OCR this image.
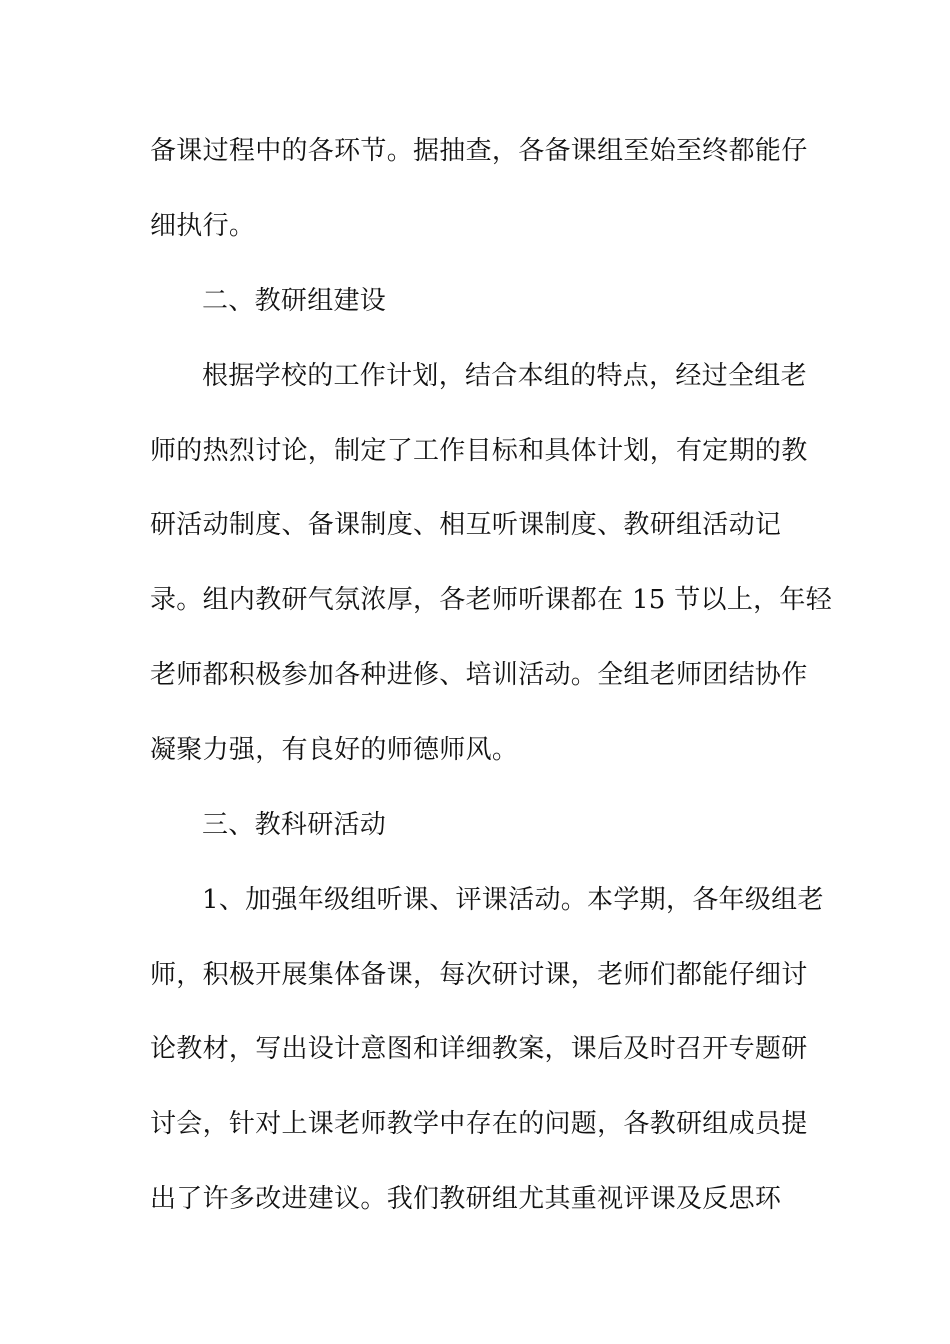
备课过程中的各环节。据抽查，各备课组至始至终都能仔
细执行。
二、教研组建设
根据学校的工作计划，结合本组的特点，经过全组老
师的热烈讨论，制定了工作目标和具体计划，有定期的教
研活动制度、备课制度、相互听课制度、教研组活动记
录。组内教研气氛浓厚，各老师听课都在 15 节以上，年轻
老师都积极参加各种进修、培训活动。全组老师团结协作
凝聚力强，有良好的师德师风。
三、教科研活动
1、加强年级组听课、评课活动。本学期，各年级组老
师，积极开展集体备课，每次研讨课，老师们都能仔细讨
论教材，写出设计意图和详细教案，课后及时召开专题研
讨会，针对上课老师教学中存在的问题，各教研组成员提
出了许多改进建议。我们教研组尤其重视评课及反思环
